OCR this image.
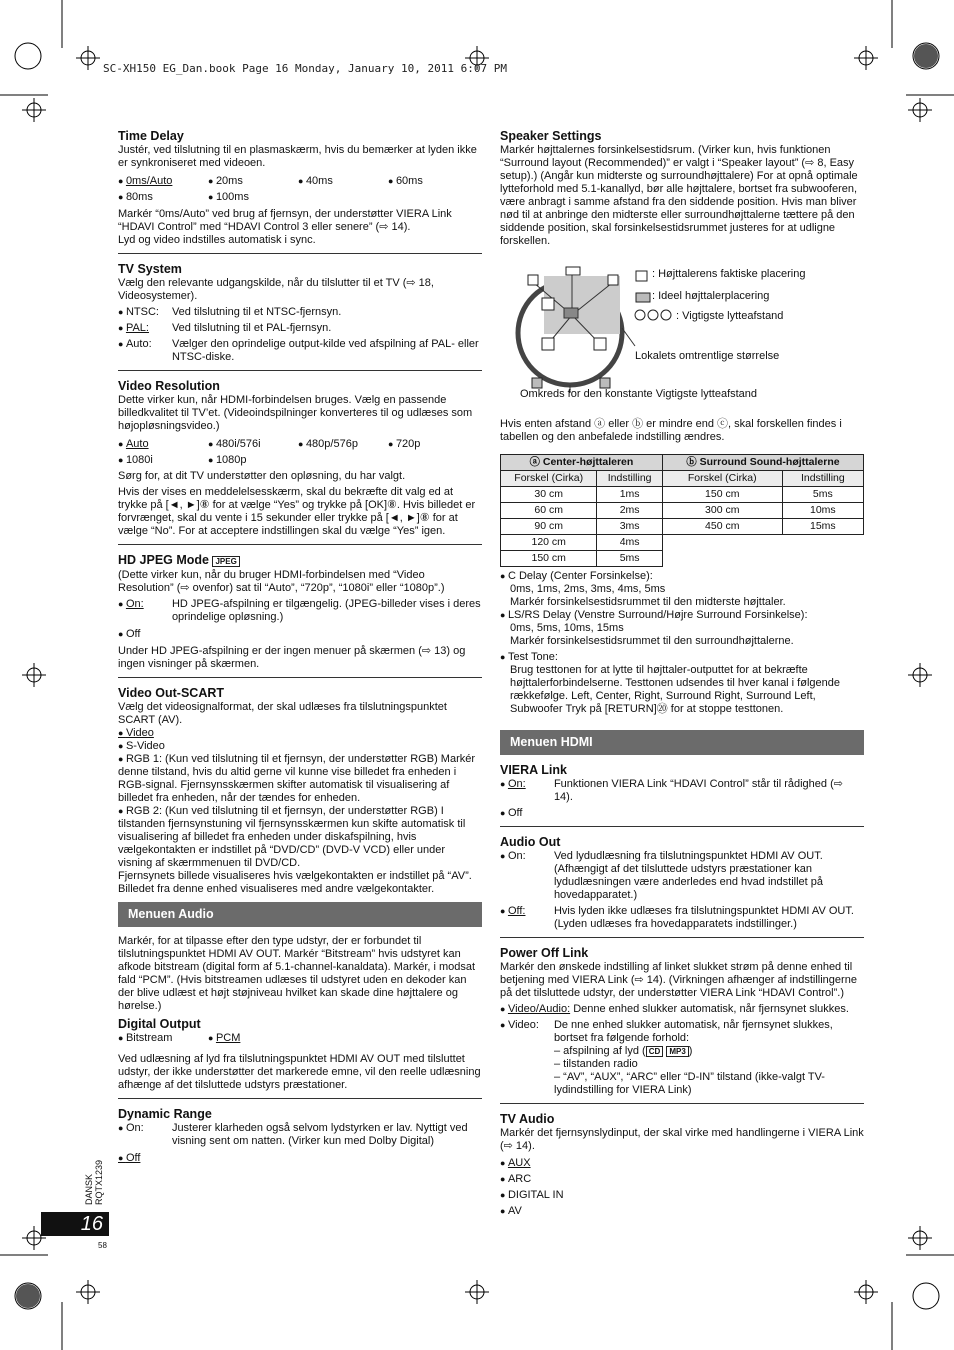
SC-XH150 EG_Dan.book Page 16 Monday, January 10, 2011 6:07 PM
Time Delay

Justér, ved tilslutning til en plasmaskærm, hvis du bemærker at lyden ikke er synkroniseret med videoen.

● 0ms/Auto	● 20ms	● 40ms	● 60ms
● 80ms	● 100ms

Markér “0ms/Auto” ved brug af fjernsyn, der understøtter VIERA Link “HDAVI Control” med “HDAVI Control 3 eller senere” (⇨ 14).

Lyd og video indstilles automatisk i sync.

TV System

Vælg den relevante udgangskilde, når du tilslutter til et TV (⇨ 18, Videosystemer).

● NTSC:	Ved tilslutning til et NTSC-fjernsyn.
● PAL:	Ved tilslutning til et PAL-fjernsyn.
● Auto:	Vælger den oprindelige output-kilde ved afspilning af PAL- eller NTSC-diske.
Video Resolution

Dette virker kun, når HDMI-forbindelsen bruges. Vælg en passende billedkvalitet til TV’et. (Videoindspilninger konverteres til og udlæses som højopløsningsvideo.)

● Auto	● 480i/576i	● 480p/576p	● 720p
● 1080i	● 1080p

Sørg for, at dit TV understøtter den opløsning, du har valgt.

Hvis der vises en meddelelsesskærm, skal du bekræfte dit valg ed at trykke på [◄, ►]⑧ for at vælge “Yes” og trykke på [OK]⑧. Hvis billedet er forvrænget, skal du vente i 15 sekunder eller trykke på [◄, ►]⑧ for at vælge “No”. For at acceptere indstillingen skal du vælge “Yes” igen.

HD JPEG Mode JPEG

(Dette virker kun, når du bruger HDMI-forbindelsen med “Video Resolution” (⇨ ovenfor) sat til “Auto”, “720p”, “1080i” eller “1080p”.)

● On:	HD JPEG-afspilning er tilgængelig. (JPEG-billeder vises i deres oprindelige opløsning.)
● Off

Under HD JPEG-afspilning er der ingen menuer på skærmen (⇨ 13) og ingen visninger på skærmen.

Video Out-SCART

Vælg det videosignalformat, der skal udlæses fra tilslutningspunktet SCART (AV).

● Video
● S-Video
● RGB 1: (Kun ved tilslutning til et fjernsyn, der understøtter RGB) Markér denne tilstand, hvis du altid gerne vil kunne vise billedet fra enheden i RGB-signal. Fjernsynsskærmen skifter automatisk til visualisering af billedet fra enheden, når der tændes for enheden.
● RGB 2: (Kun ved tilslutning til et fjernsyn, der understøtter RGB) I tilstanden fjernsynstuning vil fjernsynsskærmen kun skifte automatisk til visualisering af billedet fra enheden under diskafspilning, hvis vælgekontakten er indstillet på “DVD/CD” (DVD-V VCD) eller under visning af skærmmenuen til DVD/CD.

Fjernsynets billede visualiseres hvis vælgekontakten er indstillet på “AV”. Billedet fra denne enhed visualiseres med andre vælgekontakter.

Menuen Audio

Markér, for at tilpasse efter den type udstyr, der er forbundet til tilslutningspunktet HDMI AV OUT. Markér “Bitstream” hvis udstyret kan afkode bitstream (digital form af 5.1-channel-kanaldata). Markér, i modsat fald “PCM”. (Hvis bitstreamen udlæses til udstyret uden en dekoder kan der blive udlæst et højt støjniveau hvilket kan skade dine højttalere og hørelse.)

Digital Output
● Bitstream	● PCM

Ved udlæsning af lyd fra tilslutningspunktet HDMI AV OUT med tilsluttet udstyr, der ikke understøtter det markerede emne, vil den reelle udlæsning afhænge af det tilsluttede udstyrs præstationer.

Dynamic Range
● On:	Justerer klarheden også selvom lydstyrken er lav. Nyttigt ved visning sent om natten. (Virker kun med Dolby Digital)
● Off
Speaker Settings

Markér højttalernes forsinkelsestidsrum. (Virker kun, hvis funktionen “Surround layout (Recommended)” er valgt i “Speaker layout” (⇨ 8, Easy setup).) (Angår kun midterste og surroundhøjttalere) For at opnå optimale lytteforhold med 5.1-kanallyd, bør alle højttalere, bortset fra subwooferen, være anbragt i samme afstand fra den siddende position. Hvis man bliver nød til at anbringe den midterste eller surroundhøjttalerne tættere på den siddende position, skal forsinkelsestidsrummet justeres for at udligne forskellen.

: Højttalerens faktiske placering
: Ideel højttalerplacering
: Vigtigste lytteafstand
Lokalets omtrentlige størrelse
Omkreds for den konstante Vigtigste lytteafstand

Hvis enten afstand ⓐ eller ⓑ er mindre end ⓒ, skal forskellen findes i tabellen og den anbefalede indstilling ændres.

ⓐ Center-højttaleren		ⓑ Surround Sound-højttalerne	
Forskel (Cirka)	Indstilling	Forskel (Cirka)	Indstilling
30 cm	1ms	150 cm	5ms
60 cm	2ms	300 cm	10ms
90 cm	3ms	450 cm	15ms
120 cm	4ms		
150 cm	5ms		
● C Delay (Center Forsinkelse):
0ms, 1ms, 2ms, 3ms, 4ms, 5ms
Markér forsinkelsestidsrummet til den midterste højttaler.
● LS/RS Delay (Venstre Surround/Højre Surround Forsinkelse):
0ms, 5ms, 10ms, 15ms
Markér forsinkelsestidsrummet til den surroundhøjttalerne.
● Test Tone:
Brug testtonen for at lytte til højttaler-outputtet for at bekræfte højttalerforbindelserne. Testtonen udsendes til hver kanal i følgende rækkefølge. Left, Center, Right, Surround Right, Surround Left, Subwoofer Tryk på [RETURN]⑳ for at stoppe testtonen.
Menuen HDMI
VIERA Link
● On:	Funktionen VIERA Link “HDAVI Control” står til rådighed (⇨ 14).
● Off
Audio Out
● On:	Ved lydudlæsning fra tilslutningspunktet HDMI AV OUT. (Afhængigt af det tilsluttede udstyrs præstationer kan lydudlæsningen være anderledes end hvad indstillet på hovedapparatet.)
● Off:	Hvis lyden ikke udlæses fra tilslutningspunktet HDMI AV OUT. (Lyden udlæses fra hovedapparatets indstillinger.)
Power Off Link

Markér den ønskede indstilling af linket slukket strøm på denne enhed til betjening med VIERA Link (⇨ 14). (Virkningen afhænger af indstillingerne på det tilsluttede udstyr, der understøtter VIERA Link “HDAVI Control”.)

● Video/Audio: Denne enhed slukker automatisk, når fjernsynet slukkes.
● Video:	De nne enhed slukker automatisk, når fjernsynet slukkes, bortset fra følgende forhold:
– afspilning af lyd ( CD MP3 )
– tilstanden radio
– “AV”, “AUX”, “ARC” eller “D-IN” tilstand (ikke-valgt TV-lydindstilling for VIERA Link)
TV Audio

Markér det fjernsynslydinput, der skal virke med handlingerne i VIERA Link (⇨ 14).

● AUX
● ARC
● DIGITAL IN
● AV
DANSK RQTX1239
16
58
